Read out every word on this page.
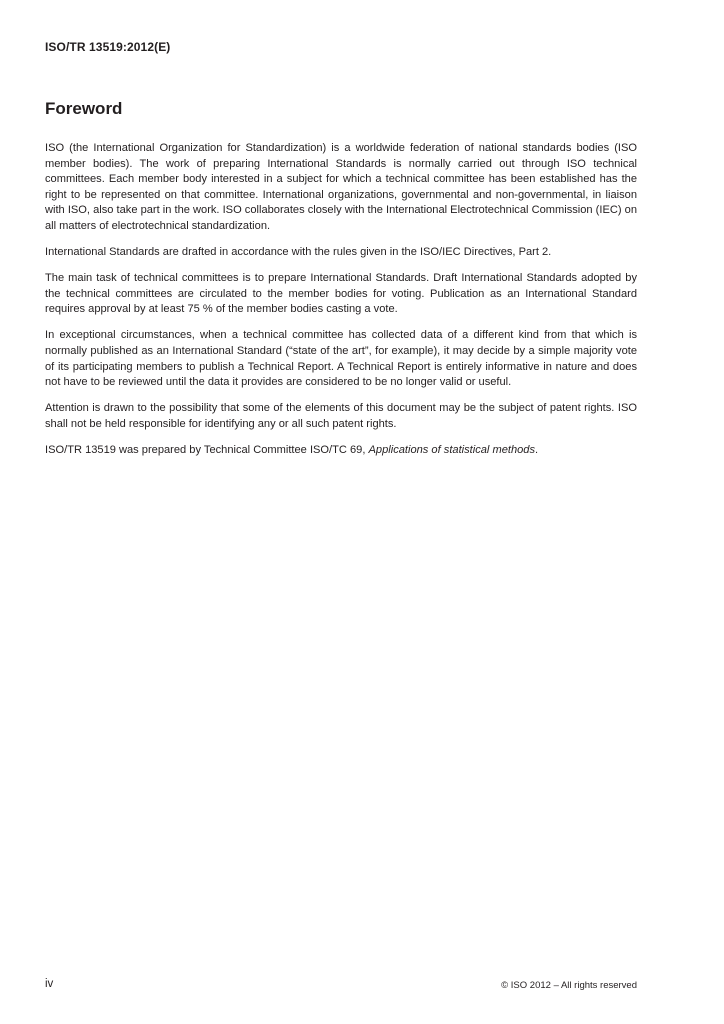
ISO/TR 13519:2012(E)
Foreword

ISO (the International Organization for Standardization) is a worldwide federation of national standards bodies (ISO member bodies). The work of preparing International Standards is normally carried out through ISO technical committees. Each member body interested in a subject for which a technical committee has been established has the right to be represented on that committee. International organizations, governmental and non-governmental, in liaison with ISO, also take part in the work. ISO collaborates closely with the International Electrotechnical Commission (IEC) on all matters of electrotechnical standardization.

International Standards are drafted in accordance with the rules given in the ISO/IEC Directives, Part 2.

The main task of technical committees is to prepare International Standards. Draft International Standards adopted by the technical committees are circulated to the member bodies for voting. Publication as an International Standard requires approval by at least 75 % of the member bodies casting a vote.

In exceptional circumstances, when a technical committee has collected data of a different kind from that which is normally published as an International Standard (“state of the art”, for example), it may decide by a simple majority vote of its participating members to publish a Technical Report. A Technical Report is entirely informative in nature and does not have to be reviewed until the data it provides are considered to be no longer valid or useful.

Attention is drawn to the possibility that some of the elements of this document may be the subject of patent rights. ISO shall not be held responsible for identifying any or all such patent rights.

ISO/TR 13519 was prepared by Technical Committee ISO/TC 69, Applications of statistical methods.

iv	© ISO 2012 – All rights reserved
